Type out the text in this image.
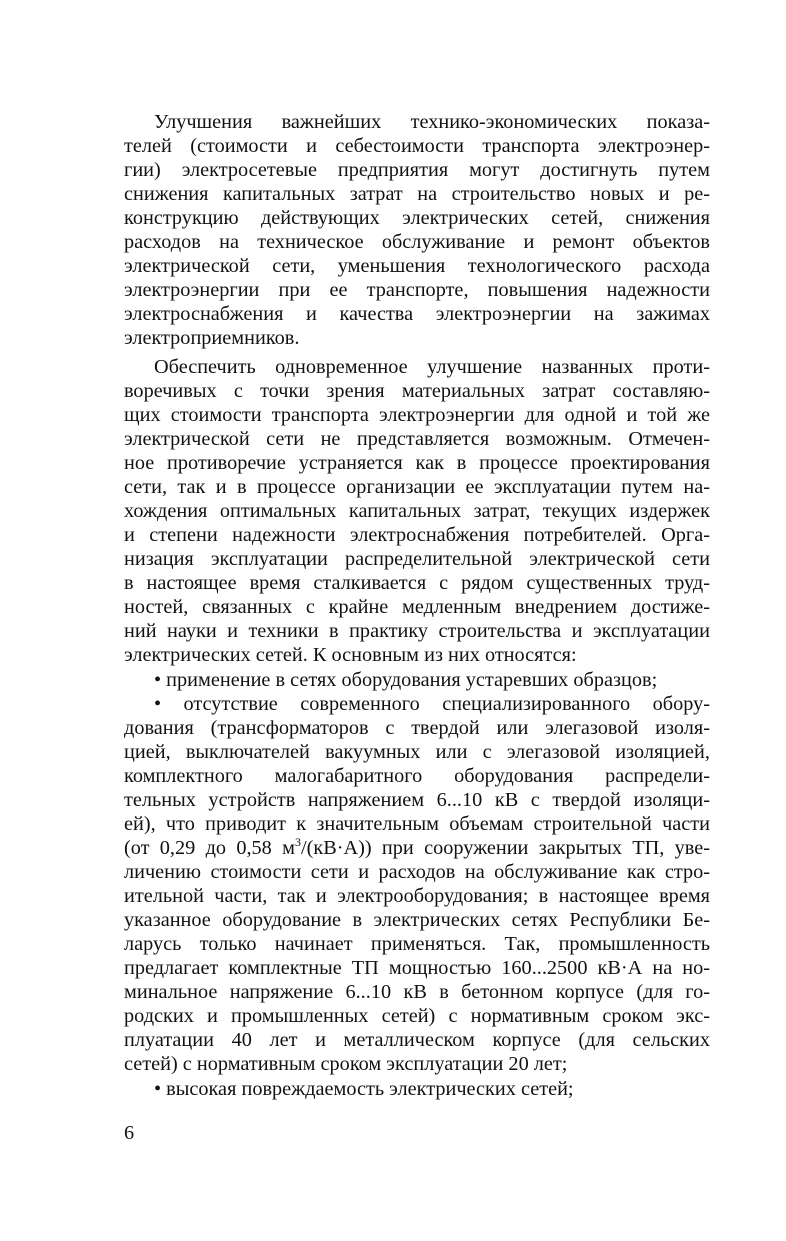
Улучшения важнейших технико-экономических показа-
телей (стоимости и себестоимости транспорта электроэнер-
гии) электросетевые предприятия могут достигнуть путем
снижения капитальных затрат на строительство новых и ре-
конструкцию действующих электрических сетей, снижения
расходов на техническое обслуживание и ремонт объектов
электрической сети, уменьшения технологического расхода
электроэнергии при ее транспорте, повышения надежности
электроснабжения и качества электроэнергии на зажимах
электроприемников.
Обеспечить одновременное улучшение названных проти-
воречивых с точки зрения материальных затрат составляю-
щих стоимости транспорта электроэнергии для одной и той же
электрической сети не представляется возможным. Отмечен-
ное противоречие устраняется как в процессе проектирования
сети, так и в процессе организации ее эксплуатации путем на-
хождения оптимальных капитальных затрат, текущих издержек
и степени надежности электроснабжения потребителей. Орга-
низация эксплуатации распределительной электрической сети
в настоящее время сталкивается с рядом существенных труд-
ностей, связанных с крайне медленным внедрением достиже-
ний науки и техники в практику строительства и эксплуатации
электрических сетей. К основным из них относятся:
• применение в сетях оборудования устаревших образцов;
• отсутствие современного специализированного обору-
дования (трансформаторов с твердой или элегазовой изоля-
цией, выключателей вакуумных или с элегазовой изоляцией,
комплектного малогабаритного оборудования распредели-
тельных устройств напряжением 6...10 кВ с твердой изоляци-
ей), что приводит к значительным объемам строительной части
(от 0,29 до 0,58 $м^3/(кВ\cdot А)$) при сооружении закрытых ТП, уве-
личению стоимости сети и расходов на обслуживание как стро-
ительной части, так и электрооборудования; в настоящее время
указанное оборудование в электрических сетях Республики Бе-
ларусь только начинает применяться. Так, промышленность
предлагает комплектные ТП мощностью 160...2500 кВ·А на но-
минальное напряжение 6...10 кВ в бетонном корпусе (для го-
родских и промышленных сетей) с нормативным сроком экс-
плуатации 40 лет и металлическом корпусе (для сельских
сетей) с нормативным сроком эксплуатации 20 лет;
• высокая повреждаемость электрических сетей;
6
